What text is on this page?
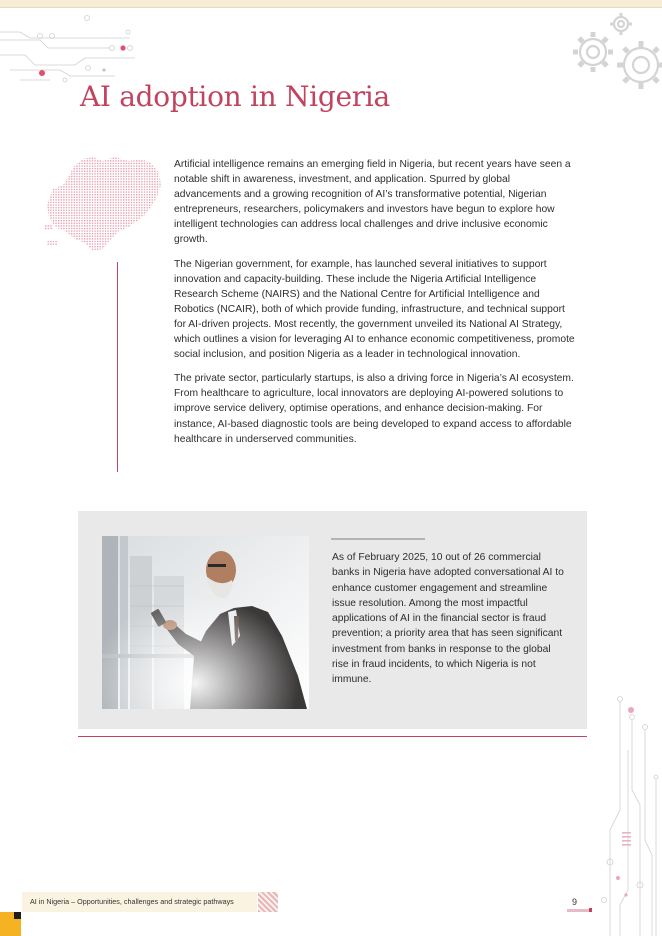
AI adoption in Nigeria

Artificial intelligence remains an emerging field in Nigeria, but recent years have seen a notable shift in awareness, investment, and application. Spurred by global advancements and a growing recognition of AI’s transformative potential, Nigerian entrepreneurs, researchers, policymakers and investors have begun to explore how intelligent technologies can address local challenges and drive inclusive economic growth.

The Nigerian government, for example, has launched several initiatives to support innovation and capacity-building. These include the Nigeria Artificial Intelligence Research Scheme (NAIRS) and the National Centre for Artificial Intelligence and Robotics (NCAIR), both of which provide funding, infrastructure, and technical support for AI-driven projects. Most recently, the government unveiled its National AI Strategy, which outlines a vision for leveraging AI to enhance economic competitiveness, promote social inclusion, and position Nigeria as a leader in technological innovation.

The private sector, particularly startups, is also a driving force in Nigeria’s AI ecosystem. From healthcare to agriculture, local innovators are deploying AI-powered solutions to improve service delivery, optimise operations, and enhance decision-making. For instance, AI-based diagnostic tools are being developed to expand access to affordable healthcare in underserved communities.

As of February 2025, 10 out of 26 commercial banks in Nigeria have adopted conversational AI to enhance customer engagement and streamline issue resolution. Among the most impactful applications of AI in the financial sector is fraud prevention; a priority area that has seen significant investment from banks in response to the global rise in fraud incidents, to which Nigeria is not immune.

AI in Nigeria – Opportunities, challenges and strategic pathways	9
